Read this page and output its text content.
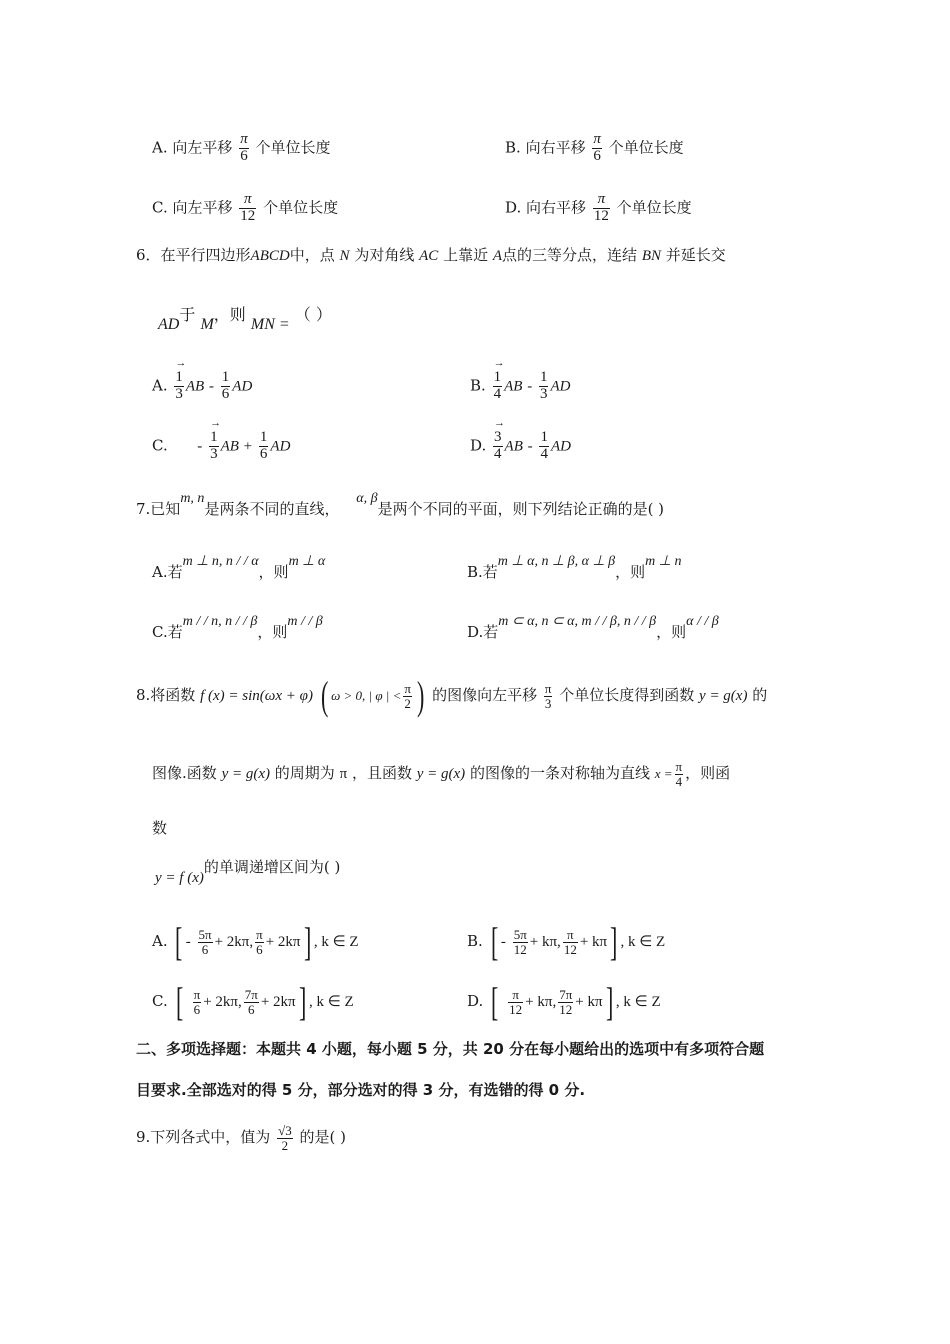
A. 向左平移 $\frac{\pi}{6}$ 个单位长度	B. 向右平移 $\frac{\pi}{6}$ 个单位长度
C. 向左平移 $\frac{\pi}{12}$ 个单位长度	D. 向右平移 $\frac{\pi}{12}$ 个单位长度
6．在平行四边形ABCD中，点 N 为对角线 AC 上靠近 A点的三等分点，连结 BN 并延长交
AD于 M，则 MN = （ ）
A. → $\frac{1}{3}$ AB - $\frac{1}{6}$ AD	B. → $\frac{1}{4}$ AB - $\frac{1}{3}$ AD
C. - → $\frac{1}{3}$ AB + $\frac{1}{6}$ AD	D. → $\frac{3}{4}$ AB - $\frac{1}{4}$ AD
7.已知m, n是两条不同的直线， α, β是两个不同的平面，则下列结论正确的是( )
A.若m ⊥ n, n / / α，则m ⊥ α
B.若m ⊥ α, n ⊥ β, α ⊥ β，则m ⊥ n
C.若m / / n, n / / β，则m / / β
D.若m ⊂ α, n ⊂ α, m / / β, n / / β，则α / / β
8.将函数 f (x) = sin(ωx + φ) ( ω > 0, | φ | < $\frac{\pi}{2}$ ) 的图像向左平移 $\frac{\pi}{3}$ 个单位长度得到函数 y = g(x) 的
图像.函数 y = g(x) 的周期为 π ，且函数 y = g(x) 的图像的一条对称轴为直线 $x = \frac{\pi}{4}$ ，则函
数
y = f (x)的单调递增区间为( )
A. [ - $\frac{5\pi}{6} + 2k\pi$, $\frac{\pi}{6} + 2k\pi$] , k ∈ Z	B. [ - $\frac{5\pi}{12} + k\pi$, $\frac{\pi}{12} + k\pi$] , k ∈ Z
C. [ $\frac{\pi}{6} + 2k\pi$, $\frac{7\pi}{6} + 2k\pi$] , k ∈ Z	D. [ $\frac{\pi}{12} + k\pi$, $\frac{7\pi}{12} + k\pi$] , k ∈ Z
二、多项选择题：本题共 4 小题，每小题 5 分，共 20 分在每小题给出的选项中有多项符合题
目要求.全部选对的得 5 分，部分选对的得 3 分，有选错的得 0 分.
9.下列各式中，值为 $\frac{√3}{2}$ 的是( )
